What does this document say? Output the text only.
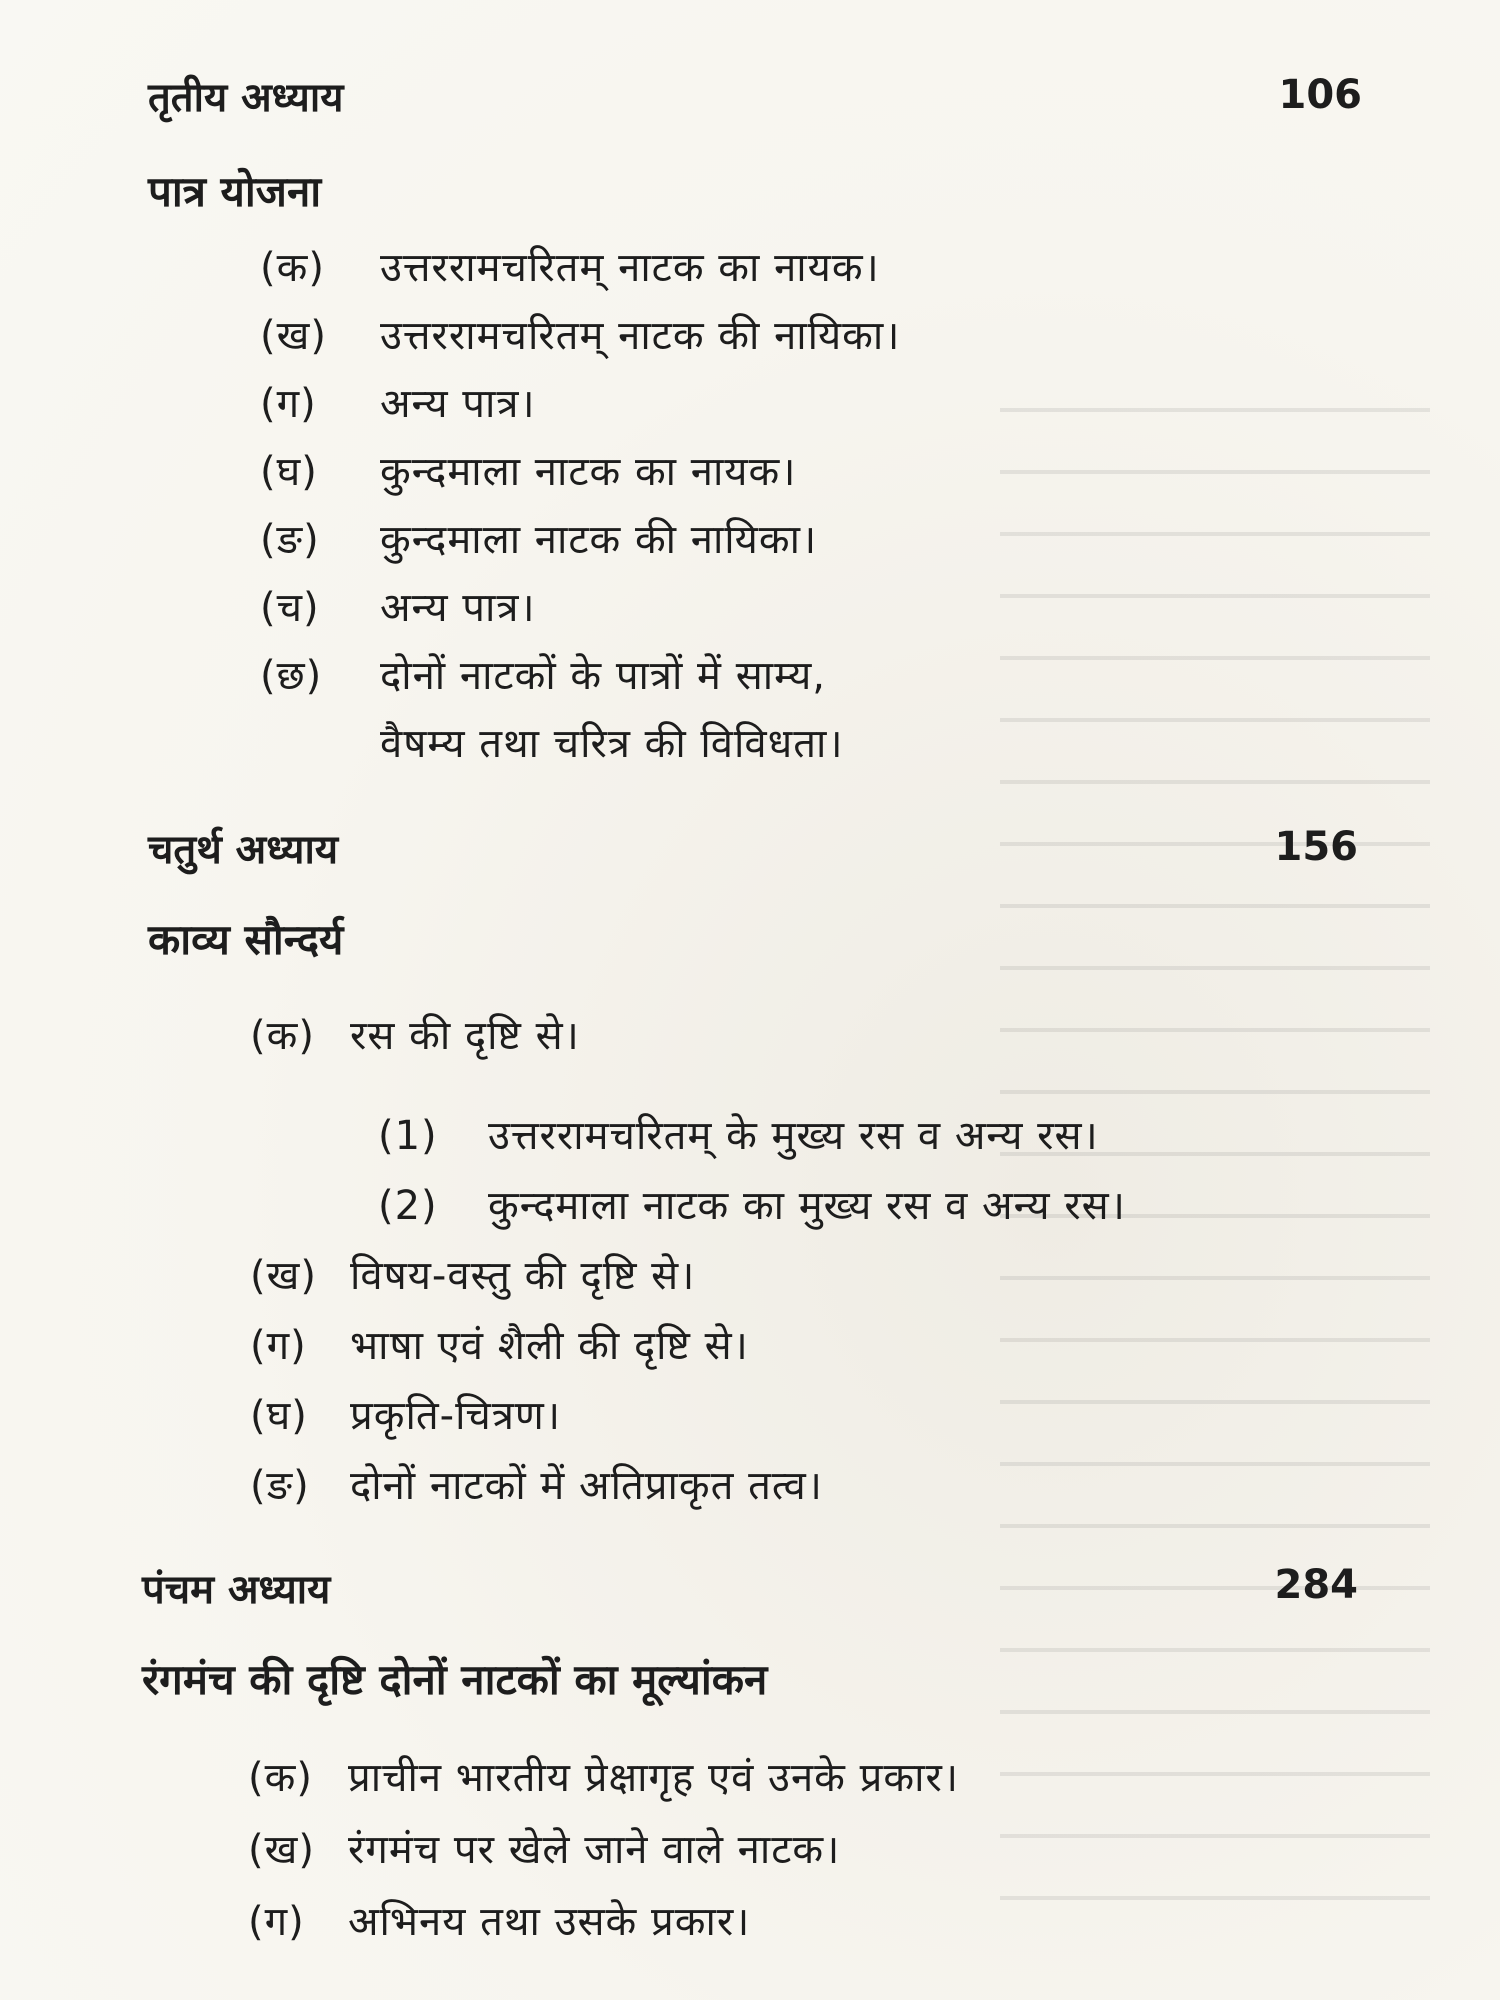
तृतीय अध्याय	106
पात्र योजना
(क) उत्तररामचरितम् नाटक का नायक।
(ख) उत्तररामचरितम् नाटक की नायिका।
(ग) अन्य पात्र।
(घ) कुन्दमाला नाटक का नायक।
(ङ) कुन्दमाला नाटक की नायिका।
(च) अन्य पात्र।
(छ) दोनों नाटकों के पात्रों में साम्य,
वैषम्य तथा चरित्र की विविधता।
चतुर्थ अध्याय	156
काव्य सौन्दर्य
(क) रस की दृष्टि से।
(1) उत्तररामचरितम् के मुख्य रस व अन्य रस।
(2) कुन्दमाला नाटक का मुख्य रस व अन्य रस।
(ख) विषय-वस्तु की दृष्टि से।
(ग) भाषा एवं शैली की दृष्टि से।
(घ) प्रकृति-चित्रण।
(ङ) दोनों नाटकों में अतिप्राकृत तत्व।
पंचम अध्याय	284
रंगमंच की दृष्टि दोनों नाटकों का मूल्यांकन
(क) प्राचीन भारतीय प्रेक्षागृह एवं उनके प्रकार।
(ख) रंगमंच पर खेले जाने वाले नाटक।
(ग) अभिनय तथा उसके प्रकार।
